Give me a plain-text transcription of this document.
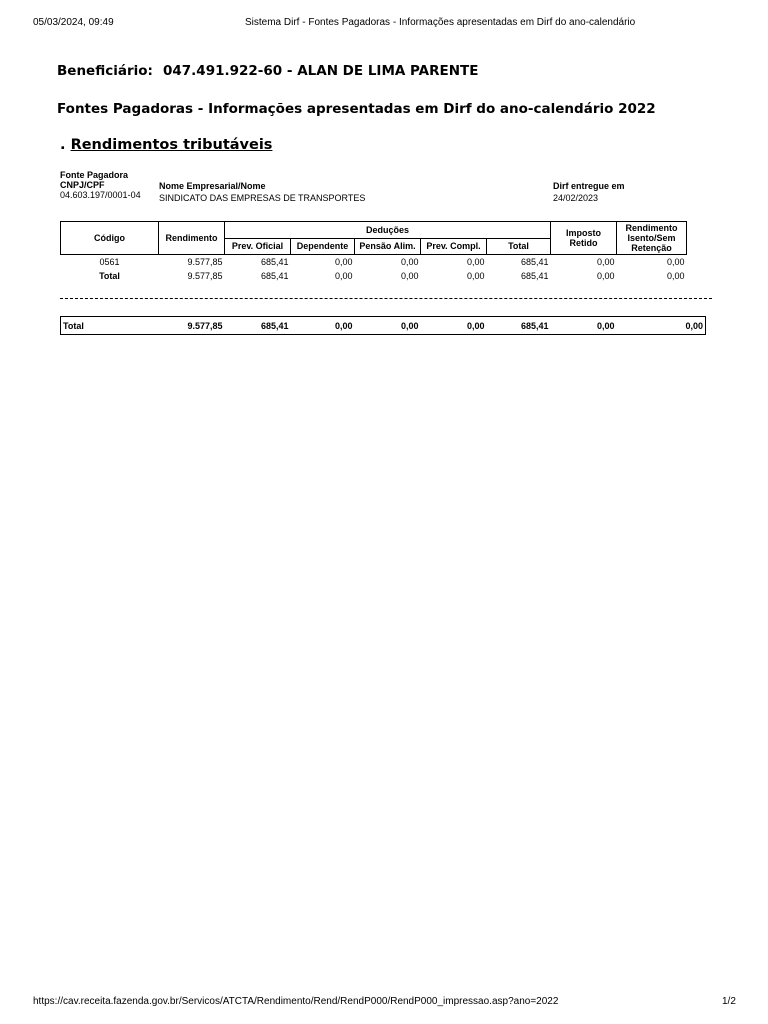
05/03/2024, 09:49	Sistema Dirf - Fontes Pagadoras - Informações apresentadas em Dirf do ano-calendário
Beneficiário: 047.491.922-60 - ALAN DE LIMA PARENTE
Fontes Pagadoras - Informações apresentadas em Dirf do ano-calendário 2022
. Rendimentos tributáveis
Fonte Pagadora
CNPJ/CPF
04.603.197/0001-04
Nome Empresarial/Nome
SINDICATO DAS EMPRESAS DE TRANSPORTES
Dirf entregue em
24/02/2023
Código	Rendimento	Deduções					Imposto Retido	Rendimento Isento/Sem Retenção
		Prev. Oficial	Dependente	Pensão Alim.	Prev. Compl.	Total		
0561	9.577,85	685,41	0,00	0,00	0,00	685,41	0,00	0,00
Total	9.577,85	685,41	0,00	0,00	0,00	685,41	0,00	0,00
Total	9.577,85	685,41	0,00	0,00	0,00	685,41	0,00	0,00
https://cav.receita.fazenda.gov.br/Servicos/ATCTA/Rendimento/Rend/RendP000/RendP000_impressao.asp?ano=2022	1/2
